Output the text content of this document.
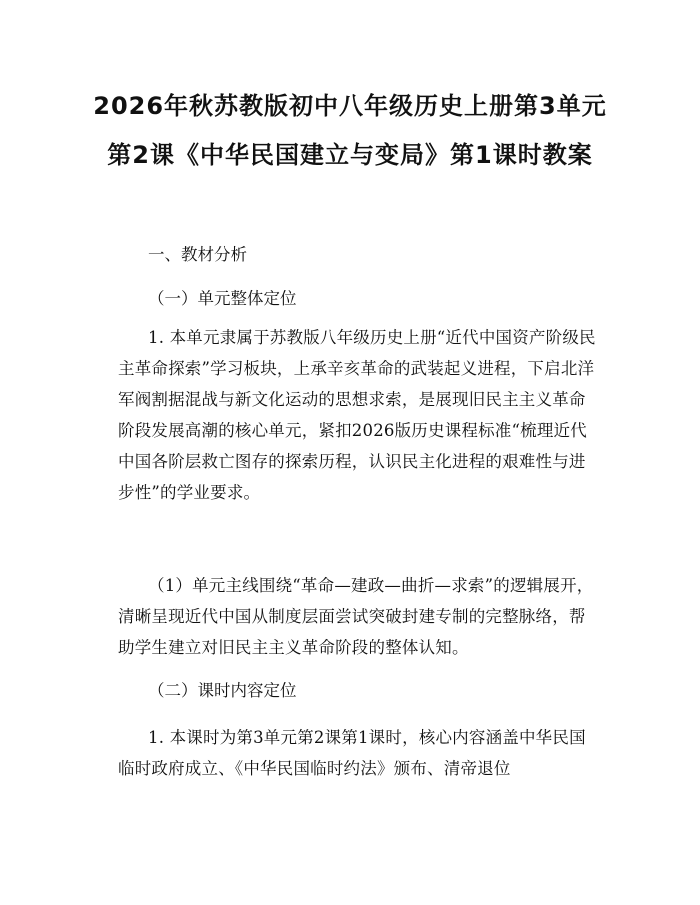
2026年秋苏教版初中八年级历史上册第3单元第2课《中华民国建立与变局》第1课时教案
一、教材分析
（一）单元整体定位

1. 本单元隶属于苏教版八年级历史上册“近代中国资产阶级民主革命探索”学习板块，上承辛亥革命的武装起义进程，下启北洋军阀割据混战与新文化运动的思想求索，是展现旧民主主义革命阶段发展高潮的核心单元，紧扣2026版历史课程标准“梳理近代中国各阶层救亡图存的探索历程，认识民主化进程的艰难性与进步性”的学业要求。

（1）单元主线围绕“革命—建政—曲折—求索”的逻辑展开，清晰呈现近代中国从制度层面尝试突破封建专制的完整脉络，帮助学生建立对旧民主主义革命阶段的整体认知。

（二）课时内容定位

1. 本课时为第3单元第2课第1课时，核心内容涵盖中华民国临时政府成立、《中华民国临时约法》颁布、清帝退位
